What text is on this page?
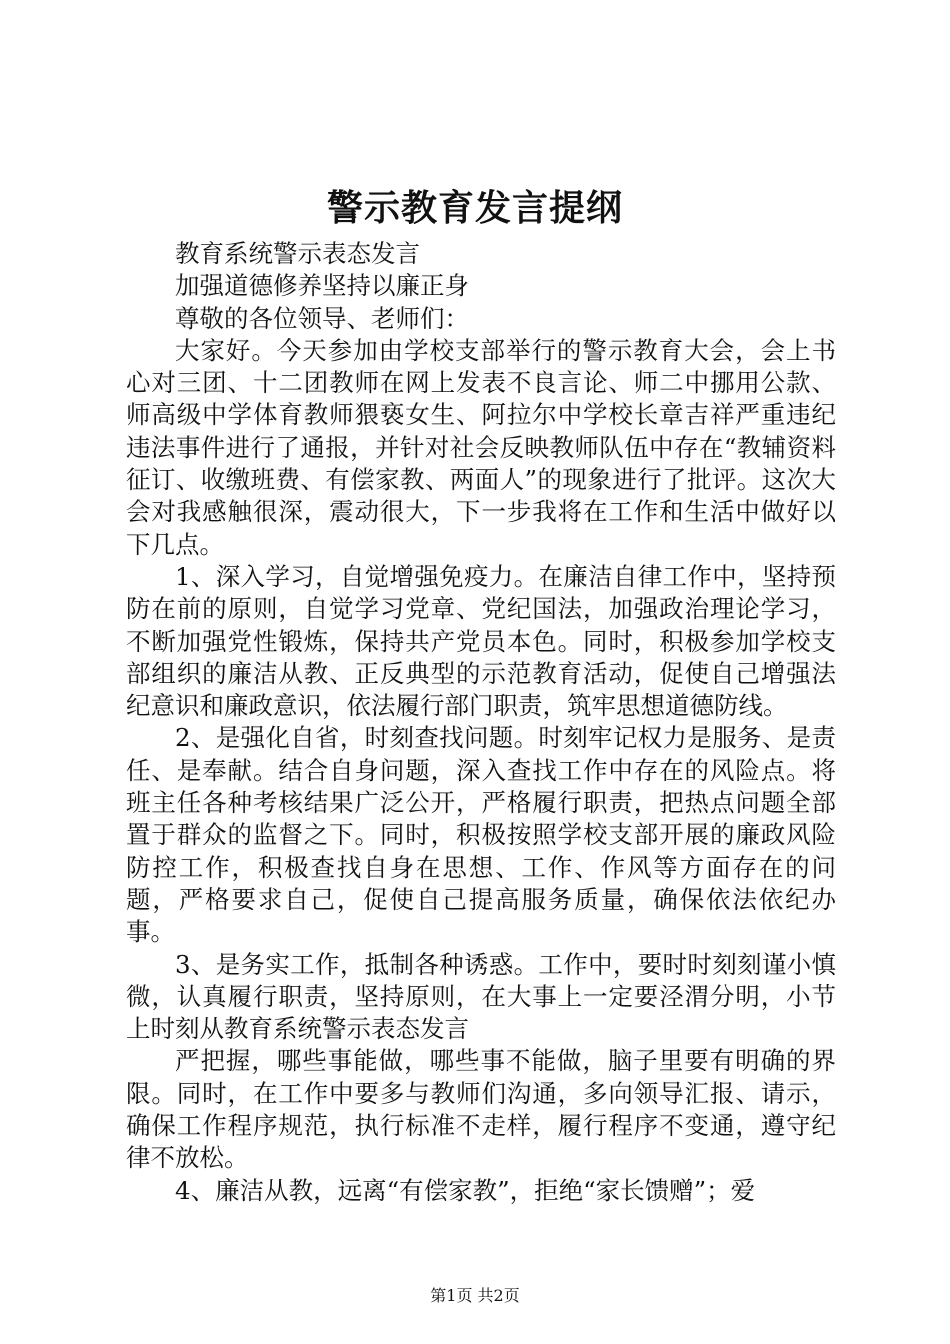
警示教育发言提纲

教育系统警示表态发言

加强道德修养坚持以廉正身

尊敬的各位领导、老师们：

大家好。今天参加由学校支部举行的警示教育大会，会上书心对三团、十二团教师在网上发表不良言论、师二中挪用公款、师高级中学体育教师猥亵女生、阿拉尔中学校长章吉祥严重违纪违法事件进行了通报，并针对社会反映教师队伍中存在“教辅资料征订、收缴班费、有偿家教、两面人”的现象进行了批评。这次大会对我感触很深，震动很大，下一步我将在工作和生活中做好以下几点。

1、深入学习，自觉增强免疫力。在廉洁自律工作中，坚持预防在前的原则，自觉学习党章、党纪国法，加强政治理论学习，不断加强党性锻炼，保持共产党员本色。同时，积极参加学校支部组织的廉洁从教、正反典型的示范教育活动，促使自己增强法纪意识和廉政意识，依法履行部门职责，筑牢思想道德防线。

2、是强化自省，时刻查找问题。时刻牢记权力是服务、是责任、是奉献。结合自身问题，深入查找工作中存在的风险点。将班主任各种考核结果广泛公开，严格履行职责，把热点问题全部置于群众的监督之下。同时，积极按照学校支部开展的廉政风险防控工作，积极查找自身在思想、工作、作风等方面存在的问题，严格要求自己，促使自己提高服务质量，确保依法依纪办事。

3、是务实工作，抵制各种诱惑。工作中，要时时刻刻谨小慎微，认真履行职责，坚持原则，在大事上一定要泾渭分明，小节上时刻从教育系统警示表态发言

严把握，哪些事能做，哪些事不能做，脑子里要有明确的界限。同时，在工作中要多与教师们沟通，多向领导汇报、请示，确保工作程序规范，执行标准不走样，履行程序不变通，遵守纪律不放松。

4、廉洁从教，远离“有偿家教”，拒绝“家长馈赠”；爱

第1页 共2页
